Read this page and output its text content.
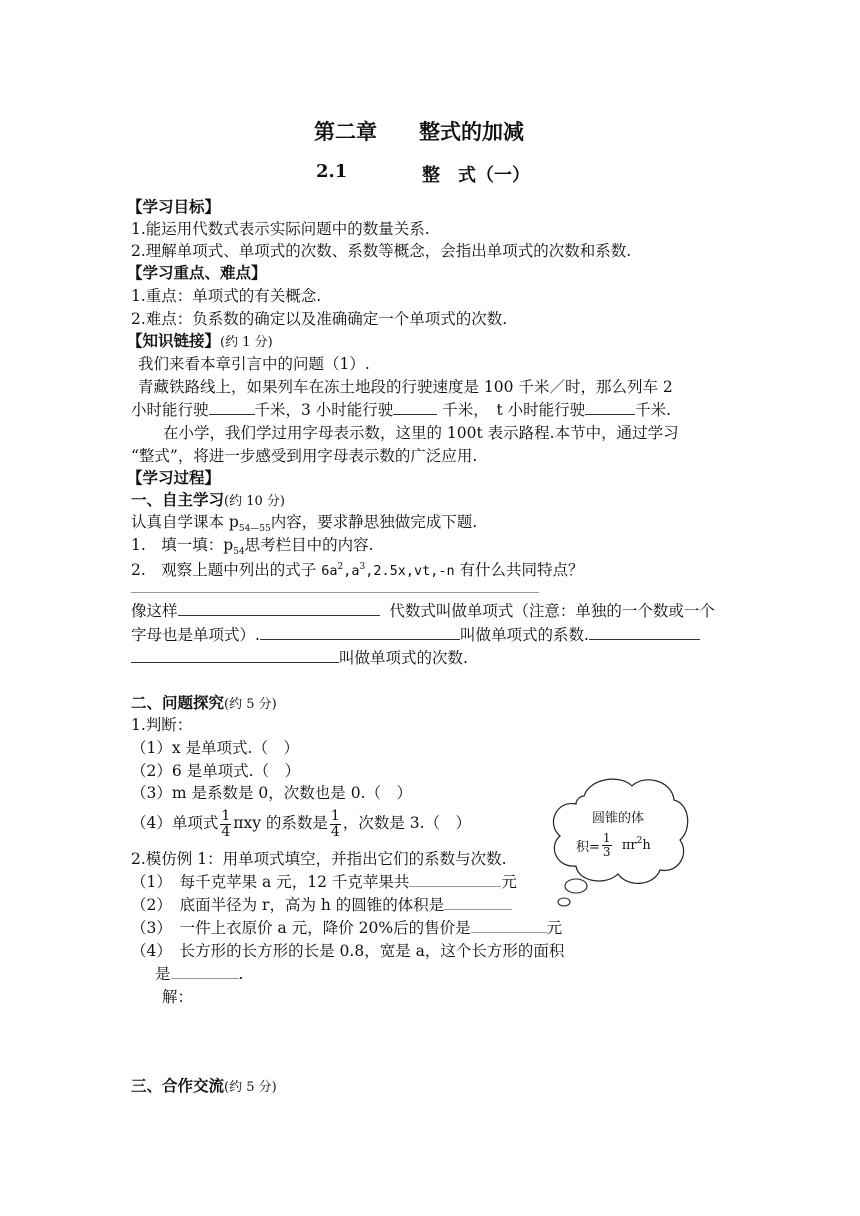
第二章　　整式的加减
2.1	整　式（一）
【学习目标】
1.能运用代数式表示实际问题中的数量关系.
2.理解单项式、单项式的次数、系数等概念，会指出单项式的次数和系数.
【学习重点、难点】
1.重点：单项式的有关概念.
2.难点：负系数的确定以及准确确定一个单项式的次数.
【知识链接】(约 1 分)
我们来看本章引言中的问题（1）.
青藏铁路线上，如果列车在冻土地段的行驶速度是 100 千米／时，那么列车 2
小时能行驶	千米，3 小时能行驶	千米，　t 小时能行驶	千米.
在小学，我们学过用字母表示数，这里的 100t 表示路程.本节中，通过学习
“整式”，将进一步感受到用字母表示数的广泛应用.
【学习过程】
一、自主学习(约 10 分)
认真自学课本 $p_{54—55}$内容，要求静思独做完成下题.
1.　填一填：$p_{54}$思考栏目中的内容.
2.　观察上题中列出的式子 $6a^2,a^3,2.5x,vt,-n$ 有什么共同特点？
像这样	代数式叫做单项式（注意：单独的一个数或一个
字母也是单项式）.	叫做单项式的系数.
叫做单项式的次数.
二、问题探究(约 5 分)
1.判断：
（1）x 是单项式.（　）
（2）6 是单项式.（　）
（3）m 是系数是 0，次数也是 0.（　）
（4）单项式 $\frac{1}{4}$ πxy 的系数是 $\frac{1}{4}$ ，次数是 3.（　）
2.模仿例 1：用单项式填空，并指出它们的系数与次数.
（1）　每千克苹果 a 元，12 千克苹果共	元
（2）　底面半径为 r，高为 h 的圆锥的体积是
（3）　一件上衣原价 a 元，降价 20%后的售价是	元
（4）　长方形的长方形的长是 0.8，宽是 a，这个长方形的面积
是	.
解：
圆锥的体
积= $\frac{1}{3}$
$\pi r^2$ h
三、合作交流(约 5 分)
